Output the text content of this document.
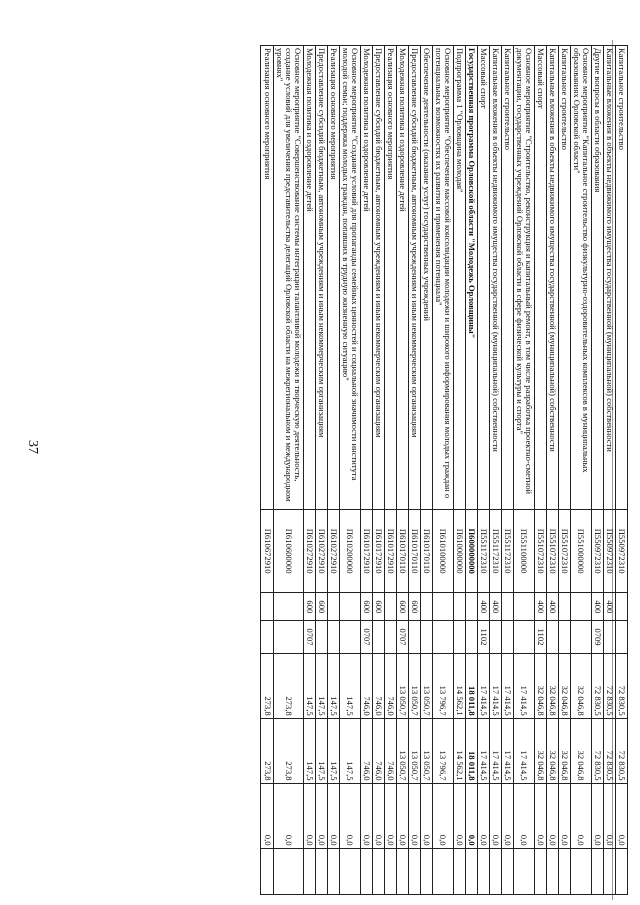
37
Капитальное строительство	П550972310			72 830,5	72 830,5	0,0	
Капитальные вложения в объекты недвижимого имущества государственной (муниципальной) собственности	П550972310	400		72 830,5	72 830,5	0,0	
Другие вопросы в области образования	П550972310	400	0709	72 830,5	72 830,5	0,0	
Основное мероприятие "Капитальное строительство физкультурно-оздоровительных комплексов в муниципальных образованиях Орловской области"	П551000000			32 046,8	32 046,8	0,0	
Капитальное строительство	П551072310			32 046,8	32 046,8	0,0	
Капитальные вложения в объекты недвижимого имущества государственной (муниципальной) собственности	П551072310	400		32 046,8	32 046,8	0,0	
Массовый спорт	П551072310	400	1102	32 046,8	32 046,8	0,0	
Основное мероприятие "Строительство, реконструкция и капитальный ремонт, в том числе разработка проектно-сметной документации, государственных учреждений Орловской области в сфере физической культуры и спорта"	П551100000			17 414,5	17 414,5	0,0	
Капитальное строительство	П551172310			17 414,5	17 414,5	0,0	
Капитальные вложения в объекты недвижимого имущества государственной (муниципальной) собственности	П551172310	400		17 414,5	17 414,5	0,0	
Массовый спорт	П551172310	400	1102	17 414,5	17 414,5	0,0	
Государственная программа Орловской области "Молодежь Орловщины"	П600000000			18 011,8	18 011,8	0,0	
Подпрограмма 1 "Орловщина молодая"	П610000000			14 562,1	14 562,1	0,0	
Основное мероприятие "Обеспечение массовой консолидации молодежи и широкого информирования молодых граждан о потенциальных возможностях их развития и применения потенциала"	П610100000			13 796,7	13 796,7	0,0	
Обеспечение деятельности (оказание услуг) государственных учреждений	П610170110			13 050,7	13 050,7	0,0	
Предоставление субсидий бюджетным, автономным учреждениям и иным некоммерческим организациям	П610170110	600		13 050,7	13 050,7	0,0	
Молодежная политика и оздоровление детей	П610170110	600	0707	13 050,7	13 050,7	0,0	
Реализация основного мероприятия	П610172910			746,0	746,0	0,0	
Предоставление субсидий бюджетным, автономным учреждениям и иным некоммерческим организациям	П610172910	600		746,0	746,0	0,0	
Молодежная политика и оздоровление детей	П610172910	600	0707	746,0	746,0	0,0	
Основное мероприятие "Создание условий для пропаганды семейных ценностей и социальной значимости института молодой семьи; поддержка молодых граждан, попавших в трудную жизненную ситуацию"	П610200000			147,5	147,5	0,0	
Реализация основного мероприятия	П610272910			147,5	147,5	0,0	
Предоставление субсидий бюджетным, автономным учреждениям и иным некоммерческим организациям	П610272910	600		147,5	147,5	0,0	
Молодежная политика и оздоровление детей	П610272910	600	0707	147,5	147,5	0,0	
Основное мероприятие "Совершенствование системы интеграции талантливой молодежи в творческую деятельность, создание условий для увеличения представительства делегаций Орловской области на межрегиональном и международном уровнях"	П610600000			273,8	273,8	0,0	
Реализация основного мероприятия	П610672910			273,8	273,8	0,0	
